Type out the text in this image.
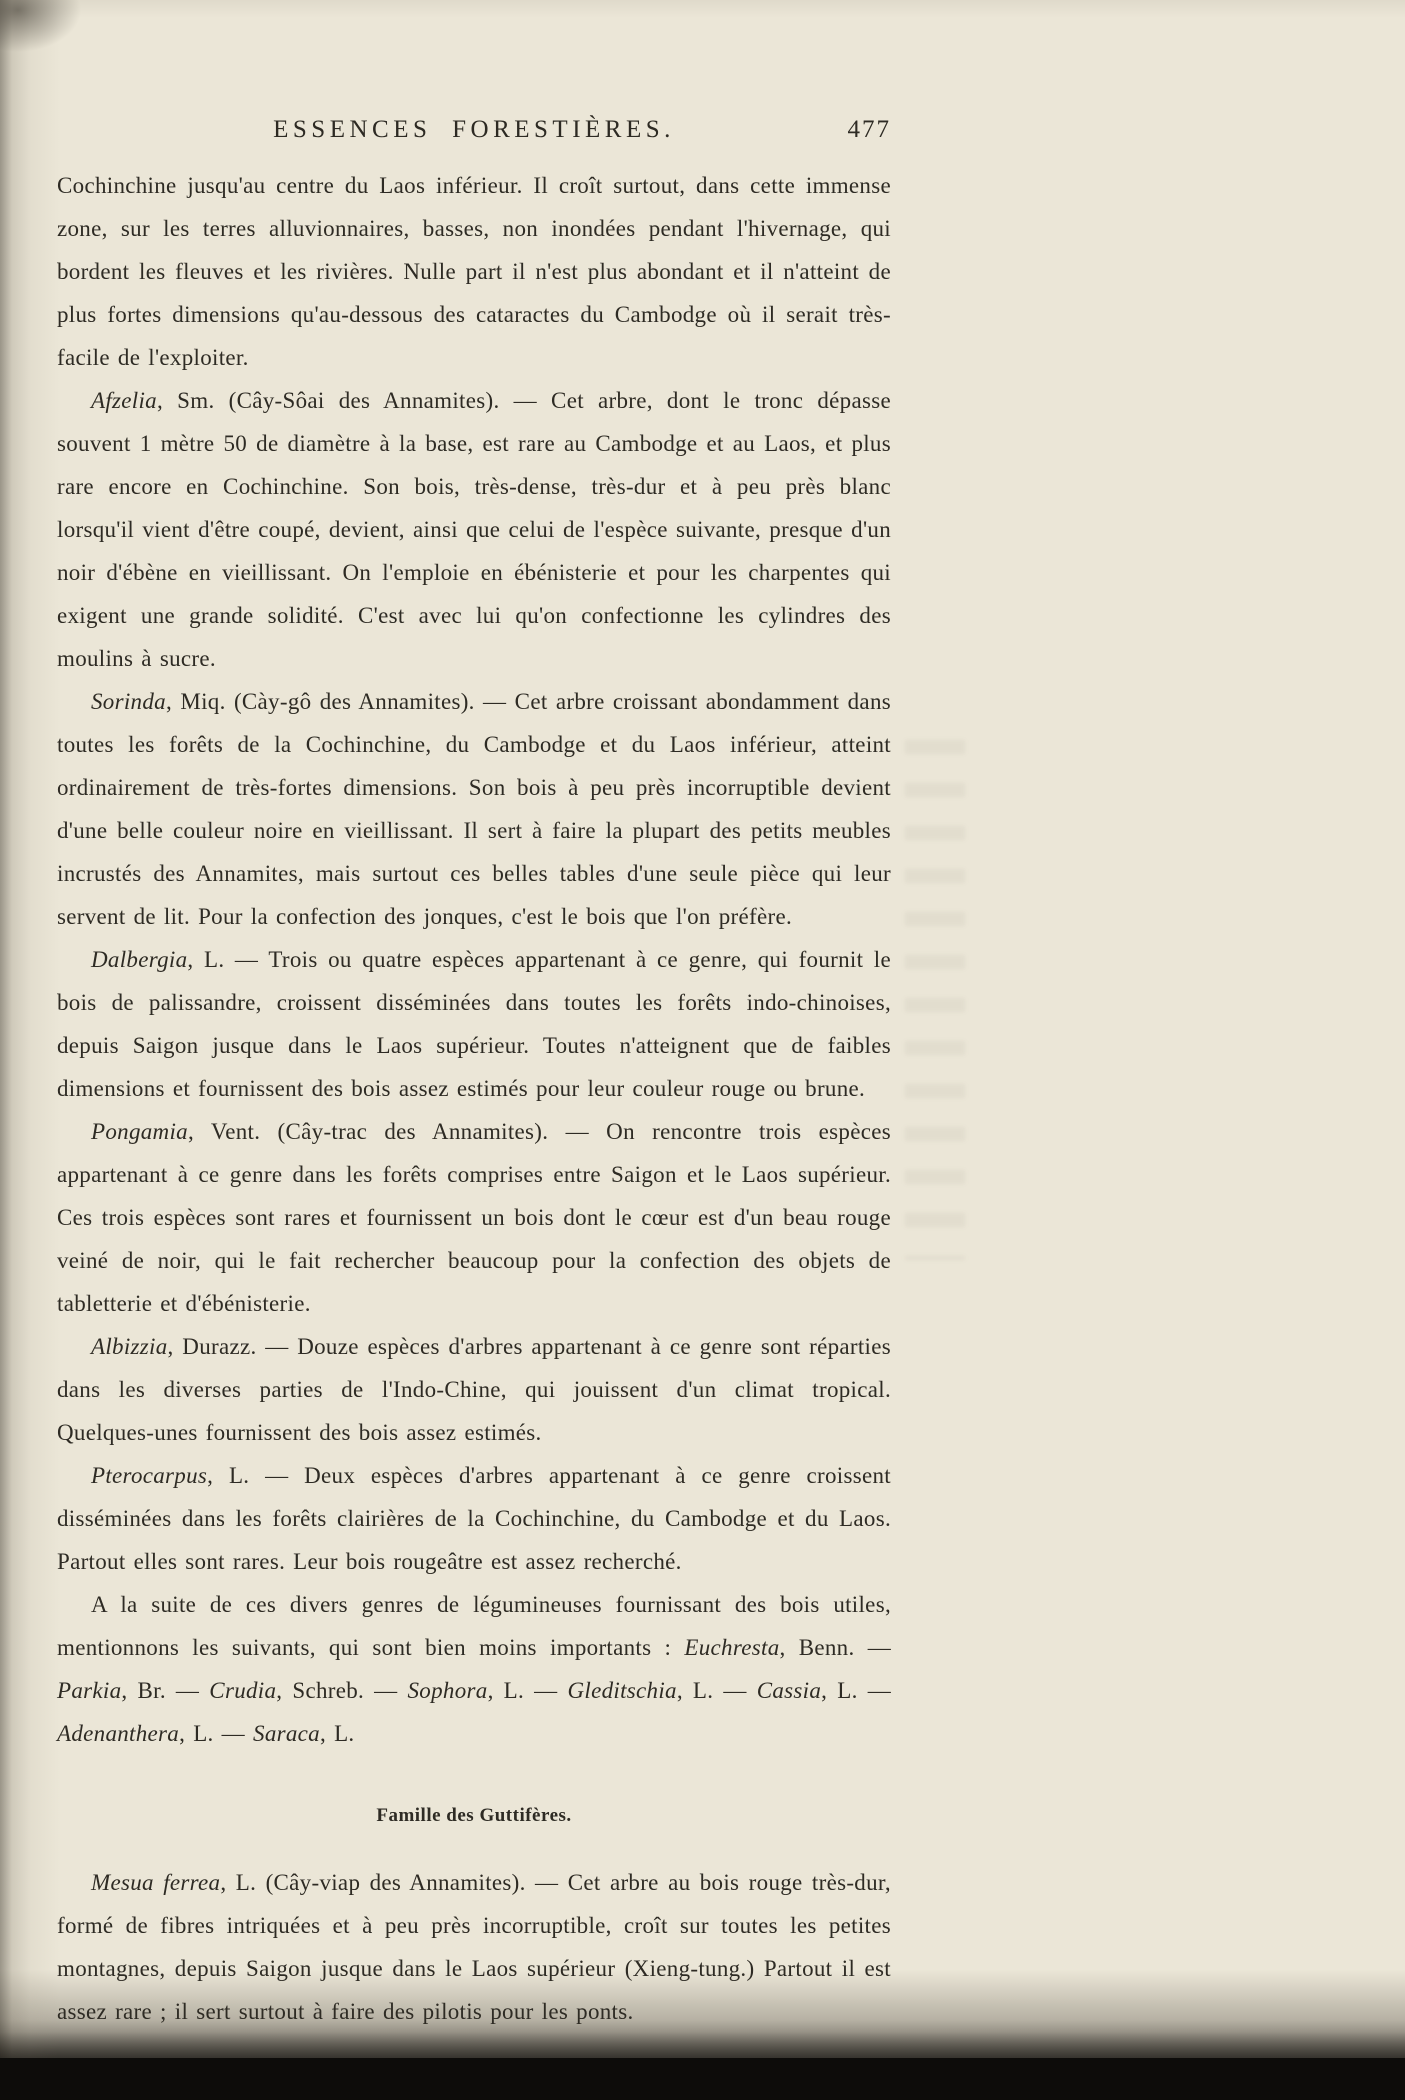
ESSENCES FORESTIÈRES.	477

Cochinchine jusqu'au centre du Laos inférieur. Il croît surtout, dans cette immense zone, sur les terres alluvionnaires, basses, non inondées pendant l'hivernage, qui bordent les fleuves et les rivières. Nulle part il n'est plus abondant et il n'atteint de plus fortes dimensions qu'au-dessous des cataractes du Cambodge où il serait très-facile de l'exploiter.

Afzelia, Sm. (Cây-Sôai des Annamites). — Cet arbre, dont le tronc dépasse souvent 1 mètre 50 de diamètre à la base, est rare au Cambodge et au Laos, et plus rare encore en Cochinchine. Son bois, très-dense, très-dur et à peu près blanc lorsqu'il vient d'être coupé, devient, ainsi que celui de l'espèce suivante, presque d'un noir d'ébène en vieillissant. On l'emploie en ébénisterie et pour les charpentes qui exigent une grande solidité. C'est avec lui qu'on confectionne les cylindres des moulins à sucre.

Sorinda, Miq. (Cày-gô des Annamites). — Cet arbre croissant abondamment dans toutes les forêts de la Cochinchine, du Cambodge et du Laos inférieur, atteint ordinairement de très-fortes dimensions. Son bois à peu près incorruptible devient d'une belle couleur noire en vieillissant. Il sert à faire la plupart des petits meubles incrustés des Annamites, mais surtout ces belles tables d'une seule pièce qui leur servent de lit. Pour la confection des jonques, c'est le bois que l'on préfère.

Dalbergia, L. — Trois ou quatre espèces appartenant à ce genre, qui fournit le bois de palissandre, croissent disséminées dans toutes les forêts indo-chinoises, depuis Saigon jusque dans le Laos supérieur. Toutes n'atteignent que de faibles dimensions et fournissent des bois assez estimés pour leur couleur rouge ou brune.

Pongamia, Vent. (Cây-trac des Annamites). — On rencontre trois espèces appartenant à ce genre dans les forêts comprises entre Saigon et le Laos supérieur. Ces trois espèces sont rares et fournissent un bois dont le cœur est d'un beau rouge veiné de noir, qui le fait rechercher beaucoup pour la confection des objets de tabletterie et d'ébénisterie.

Albizzia, Durazz. — Douze espèces d'arbres appartenant à ce genre sont réparties dans les diverses parties de l'Indo-Chine, qui jouissent d'un climat tropical. Quelques-unes fournissent des bois assez estimés.

Pterocarpus, L. — Deux espèces d'arbres appartenant à ce genre croissent disséminées dans les forêts clairières de la Cochinchine, du Cambodge et du Laos. Partout elles sont rares. Leur bois rougeâtre est assez recherché.

A la suite de ces divers genres de légumineuses fournissant des bois utiles, mentionnons les suivants, qui sont bien moins importants : Euchresta, Benn. — Parkia, Br. — Crudia, Schreb. — Sophora, L. — Gleditschia, L. — Cassia, L. — Adenanthera, L. — Saraca, L.

Famille des Guttifères.

Mesua ferrea, L. (Cây-viap des Annamites). — Cet arbre au bois rouge très-dur, formé de fibres intriquées et à peu près incorruptible, croît sur toutes les petites montagnes, depuis Saigon jusque dans le Laos supérieur (Xieng-tung.) Partout il est assez rare ; il sert surtout à faire des pilotis pour les ponts.
